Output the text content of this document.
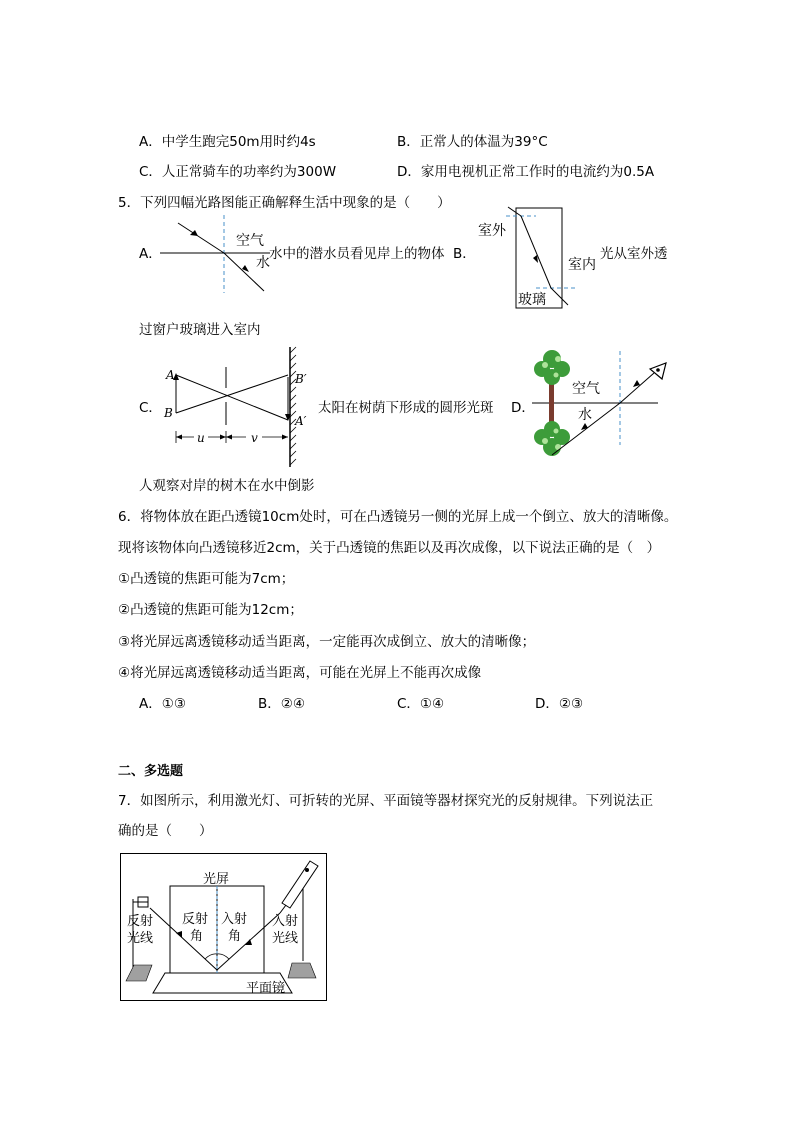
A．中学生跑完50m用时约4s	B．正常人的体温为39°C
C．人正常骑车的功率约为300W	D．家用电视机正常工作时的电流约为0.5A
5．下列四幅光路图能正确解释生活中现象的是（　　）
A．
空气
水
水中的潜水员看见岸上的物体 B．
室外
室内
玻璃
光从室外透
过窗户玻璃进入室内
C．
A
B
B′
A′
u	v
太阳在树荫下形成的圆形光斑 D．
空气
水
人观察对岸的树木在水中倒影
6．将物体放在距凸透镜10cm处时，可在凸透镜另一侧的光屏上成一个倒立、放大的清晰像。
现将该物体向凸透镜移近2cm，关于凸透镜的焦距以及再次成像，以下说法正确的是（　）
①凸透镜的焦距可能为7cm；
②凸透镜的焦距可能为12cm；
③将光屏远离透镜移动适当距离，一定能再次成倒立、放大的清晰像；
④将光屏远离透镜移动适当距离，可能在光屏上不能再次成像
A．①③	B．②④	C．①④	D．②③
二、多选题
7．如图所示，利用激光灯、可折转的光屏、平面镜等器材探究光的反射规律。下列说法正
确的是（　　）
光屏
反射
光线
反射
角
入射
角
入射
光线
平面镜
